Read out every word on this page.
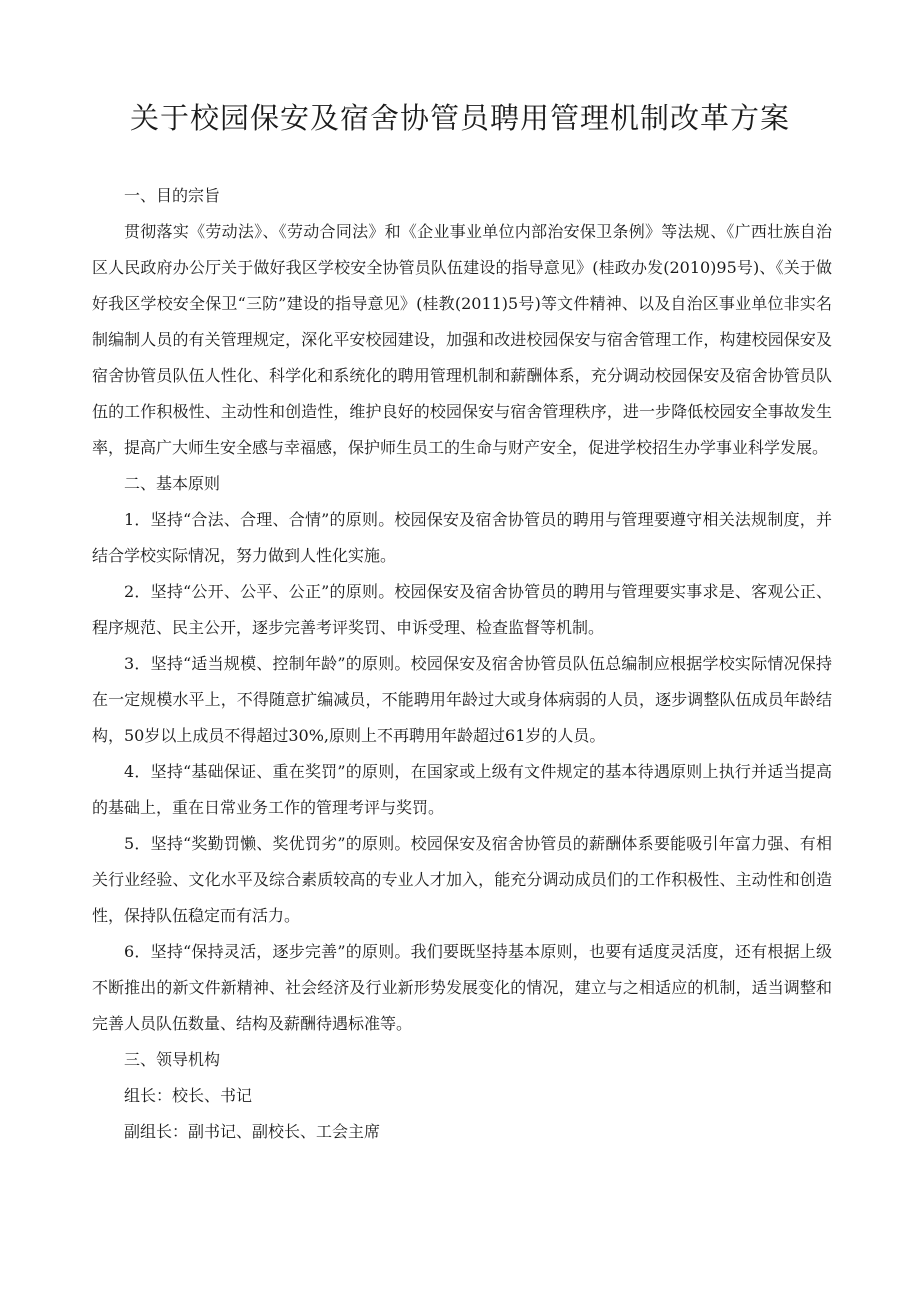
关于校园保安及宿舍协管员聘用管理机制改革方案

一、目的宗旨

贯彻落实《劳动法》、《劳动合同法》和《企业事业单位内部治安保卫条例》等法规、《广西壮族自治区人民政府办公厅关于做好我区学校安全协管员队伍建设的指导意见》(桂政办发(2010)95号)、《关于做好我区学校安全保卫“三防”建设的指导意见》(桂教(2011)5号)等文件精神、以及自治区事业单位非实名制编制人员的有关管理规定，深化平安校园建设，加强和改进校园保安与宿舍管理工作，构建校园保安及宿舍协管员队伍人性化、科学化和系统化的聘用管理机制和薪酬体系，充分调动校园保安及宿舍协管员队伍的工作积极性、主动性和创造性，维护良好的校园保安与宿舍管理秩序，进一步降低校园安全事故发生率，提高广大师生安全感与幸福感，保护师生员工的生命与财产安全，促进学校招生办学事业科学发展。

二、基本原则

1．坚持“合法、合理、合情”的原则。校园保安及宿舍协管员的聘用与管理要遵守相关法规制度，并结合学校实际情况，努力做到人性化实施。

2．坚持“公开、公平、公正”的原则。校园保安及宿舍协管员的聘用与管理要实事求是、客观公正、程序规范、民主公开，逐步完善考评奖罚、申诉受理、检查监督等机制。

3．坚持“适当规模、控制年龄”的原则。校园保安及宿舍协管员队伍总编制应根据学校实际情况保持在一定规模水平上，不得随意扩编减员，不能聘用年龄过大或身体病弱的人员，逐步调整队伍成员年龄结构，50岁以上成员不得超过30%,原则上不再聘用年龄超过61岁的人员。

4．坚持“基础保证、重在奖罚”的原则，在国家或上级有文件规定的基本待遇原则上执行并适当提高的基础上，重在日常业务工作的管理考评与奖罚。

5．坚持“奖勤罚懒、奖优罚劣”的原则。校园保安及宿舍协管员的薪酬体系要能吸引年富力强、有相关行业经验、文化水平及综合素质较高的专业人才加入，能充分调动成员们的工作积极性、主动性和创造性，保持队伍稳定而有活力。

6．坚持“保持灵活，逐步完善”的原则。我们要既坚持基本原则，也要有适度灵活度，还有根据上级不断推出的新文件新精神、社会经济及行业新形势发展变化的情况，建立与之相适应的机制，适当调整和完善人员队伍数量、结构及薪酬待遇标准等。

三、领导机构

组长：校长、书记

副组长：副书记、副校长、工会主席
